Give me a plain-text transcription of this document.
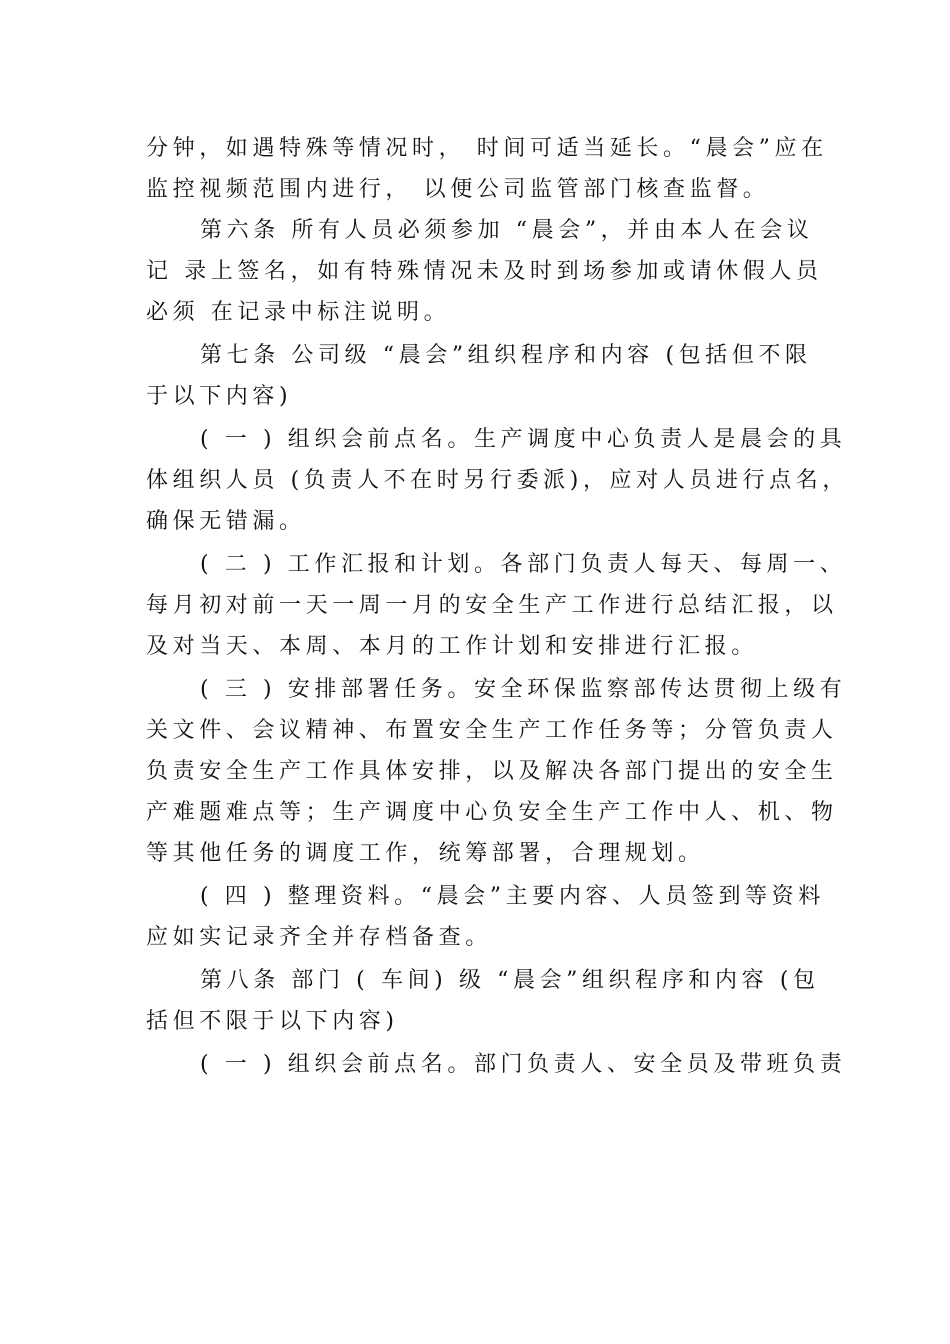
分钟，如遇特殊等情况时， 时间可适当延长。“晨会”应在
监控视频范围内进行， 以便公司监管部门核查监督。
第六条 所有人员必须参加 “晨会”，并由本人在会议
记 录上签名，如有特殊情况未及时到场参加或请休假人员
必须 在记录中标注说明。
第七条 公司级 “晨会”组织程序和内容 (包括但不限
于以下内容)
( 一 ) 组织会前点名。生产调度中心负责人是晨会的具
体组织人员 (负责人不在时另行委派)，应对人员进行点名，
确保无错漏。
( 二 ) 工作汇报和计划。各部门负责人每天、每周一、
每月初对前一天一周一月的安全生产工作进行总结汇报，以
及对当天、本周、本月的工作计划和安排进行汇报。
( 三 ) 安排部署任务。安全环保监察部传达贯彻上级有
关文件、会议精神、布置安全生产工作任务等；分管负责人
负责安全生产工作具体安排，以及解决各部门提出的安全生
产难题难点等；生产调度中心负安全生产工作中人、机、物
等其他任务的调度工作，统筹部署，合理规划。
( 四 ) 整理资料。“晨会”主要内容、人员签到等资料
应如实记录齐全并存档备查。
第八条 部门 ( 车间) 级 “晨会”组织程序和内容 (包
括但不限于以下内容)
( 一 ) 组织会前点名。部门负责人、安全员及带班负责
